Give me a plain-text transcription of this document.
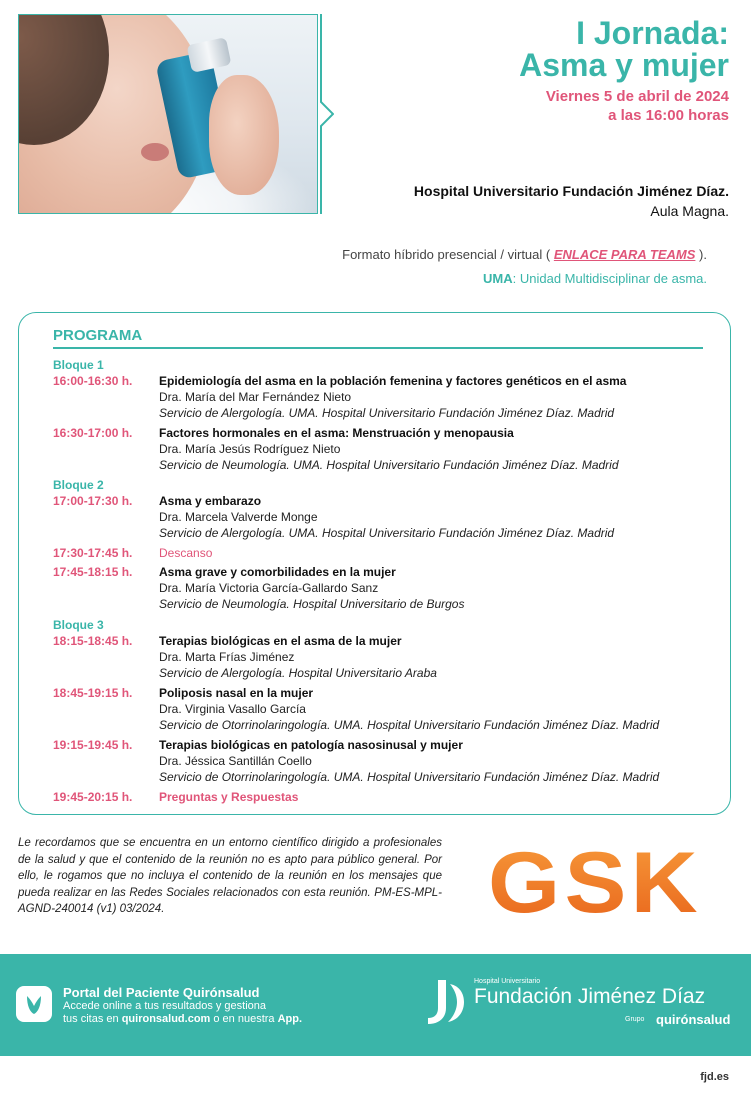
I Jornada:
Asma y mujer
Viernes 5 de abril de 2024
a las 16:00 horas
Hospital Universitario Fundación Jiménez Díaz.
Aula Magna.
Formato híbrido presencial / virtual ( ENLACE PARA TEAMS ).
UMA: Unidad Multidisciplinar de asma.
PROGRAMA
Bloque 1
16:00-16:30 h.	Epidemiología del asma en la población femenina y factores genéticos en el asma
Dra. María del Mar Fernández Nieto
Servicio de Alergología. UMA. Hospital Universitario Fundación Jiménez Díaz. Madrid
16:30-17:00 h.	Factores hormonales en el asma: Menstruación y menopausia
Dra. María Jesús Rodríguez Nieto
Servicio de Neumología. UMA. Hospital Universitario Fundación Jiménez Díaz. Madrid
Bloque 2
17:00-17:30 h.	Asma y embarazo
Dra. Marcela Valverde Monge
Servicio de Alergología. UMA. Hospital Universitario Fundación Jiménez Díaz. Madrid
17:30-17:45 h.	Descanso
17:45-18:15 h.	Asma grave y comorbilidades en la mujer
Dra. María Victoria García-Gallardo Sanz
Servicio de Neumología. Hospital Universitario de Burgos
Bloque 3
18:15-18:45 h.	Terapias biológicas en el asma de la mujer
Dra. Marta Frías Jiménez
Servicio de Alergología. Hospital Universitario Araba
18:45-19:15 h.	Poliposis nasal en la mujer
Dra. Virginia Vasallo García
Servicio de Otorrinolaringología. UMA. Hospital Universitario Fundación Jiménez Díaz. Madrid
19:15-19:45 h.	Terapias biológicas en patología nasosinusal y mujer
Dra. Jéssica Santillán Coello
Servicio de Otorrinolaringología. UMA. Hospital Universitario Fundación Jiménez Díaz. Madrid
19:45-20:15 h.	Preguntas y Respuestas
Le recordamos que se encuentra en un entorno científico dirigido a profesionales de la salud y que el contenido de la reunión no es apto para público general. Por ello, le rogamos que no incluya el contenido de la reunión en los mensajes que pueda realizar en las Redes Sociales relacionados con esta reunión. PM-ES-MPL-AGND-240014 (v1) 03/2024.	GSK
Portal del Paciente Quirónsalud
Accede online a tus resultados y gestiona
tus citas en quironsalud.com o en nuestra App.
Hospital Universitario
Fundación Jiménez Díaz
Grupo quirónsalud
fjd.es
